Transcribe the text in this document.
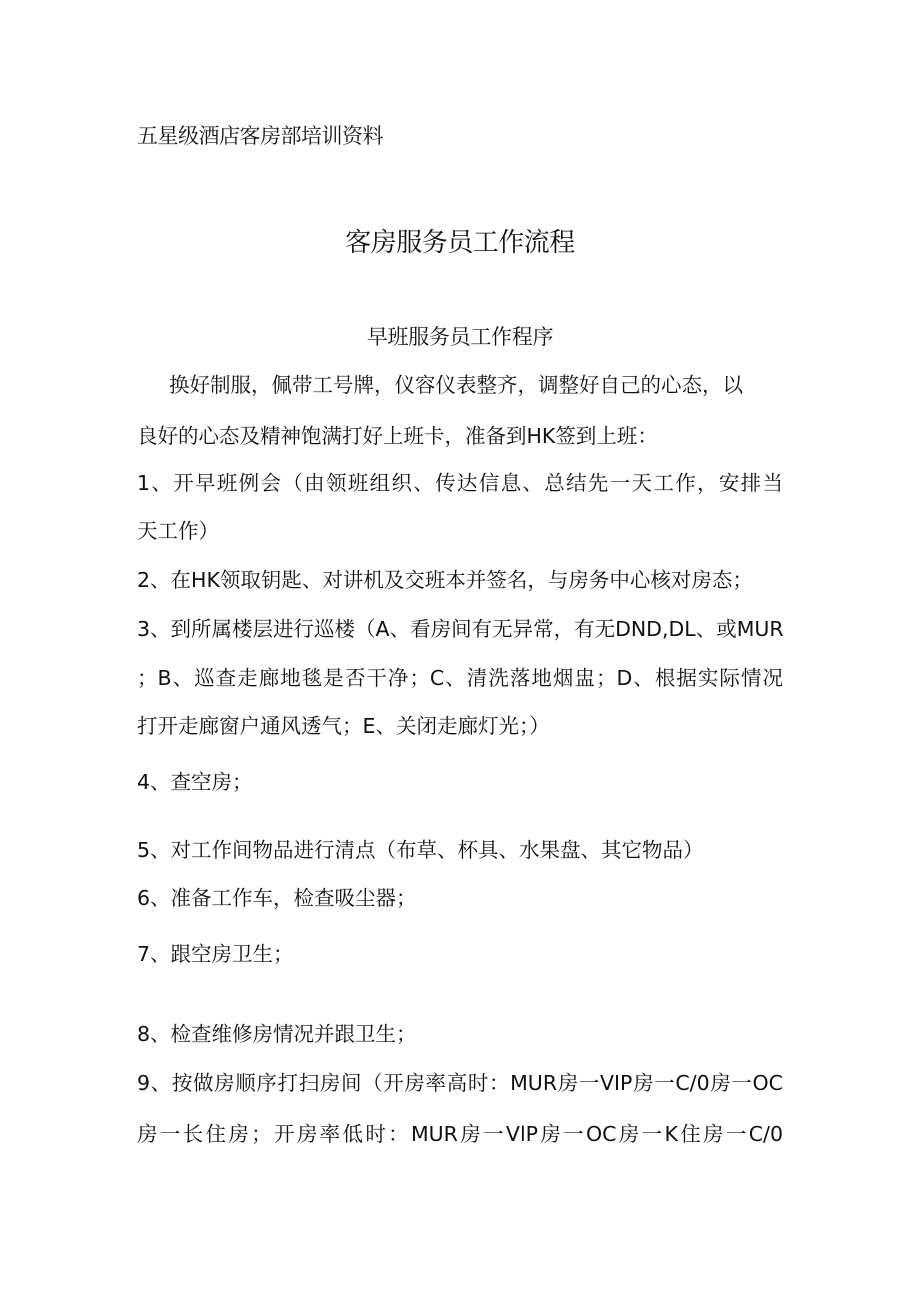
五星级酒店客房部培训资料
客房服务员工作流程
早班服务员工作程序
换好制服，佩带工号牌，仪容仪表整齐，调整好自己的心态，以
良好的心态及精神饱满打好上班卡，准备到HK签到上班：
1、开早班例会（由领班组织、传达信息、总结先一天工作，安排当
天工作）
2、在HK领取钥匙、对讲机及交班本并签名，与房务中心核对房态；
3、到所属楼层进行巡楼（A、看房间有无异常，有无DND,DL、或MUR
；B、巡查走廊地毯是否干净；C、清洗落地烟盅；D、根据实际情况
打开走廊窗户通风透气；E、关闭走廊灯光；）
4、查空房；
5、对工作间物品进行清点（布草、杯具、水果盘、其它物品）
6、准备工作车，检查吸尘器；
7、跟空房卫生；
8、检查维修房情况并跟卫生；
9、按做房顺序打扫房间（开房率高时：MUR房一VIP房一C/0房一OC
房一长住房；开房率低时：MUR房一VlP房一OC房一K住房一C/0
